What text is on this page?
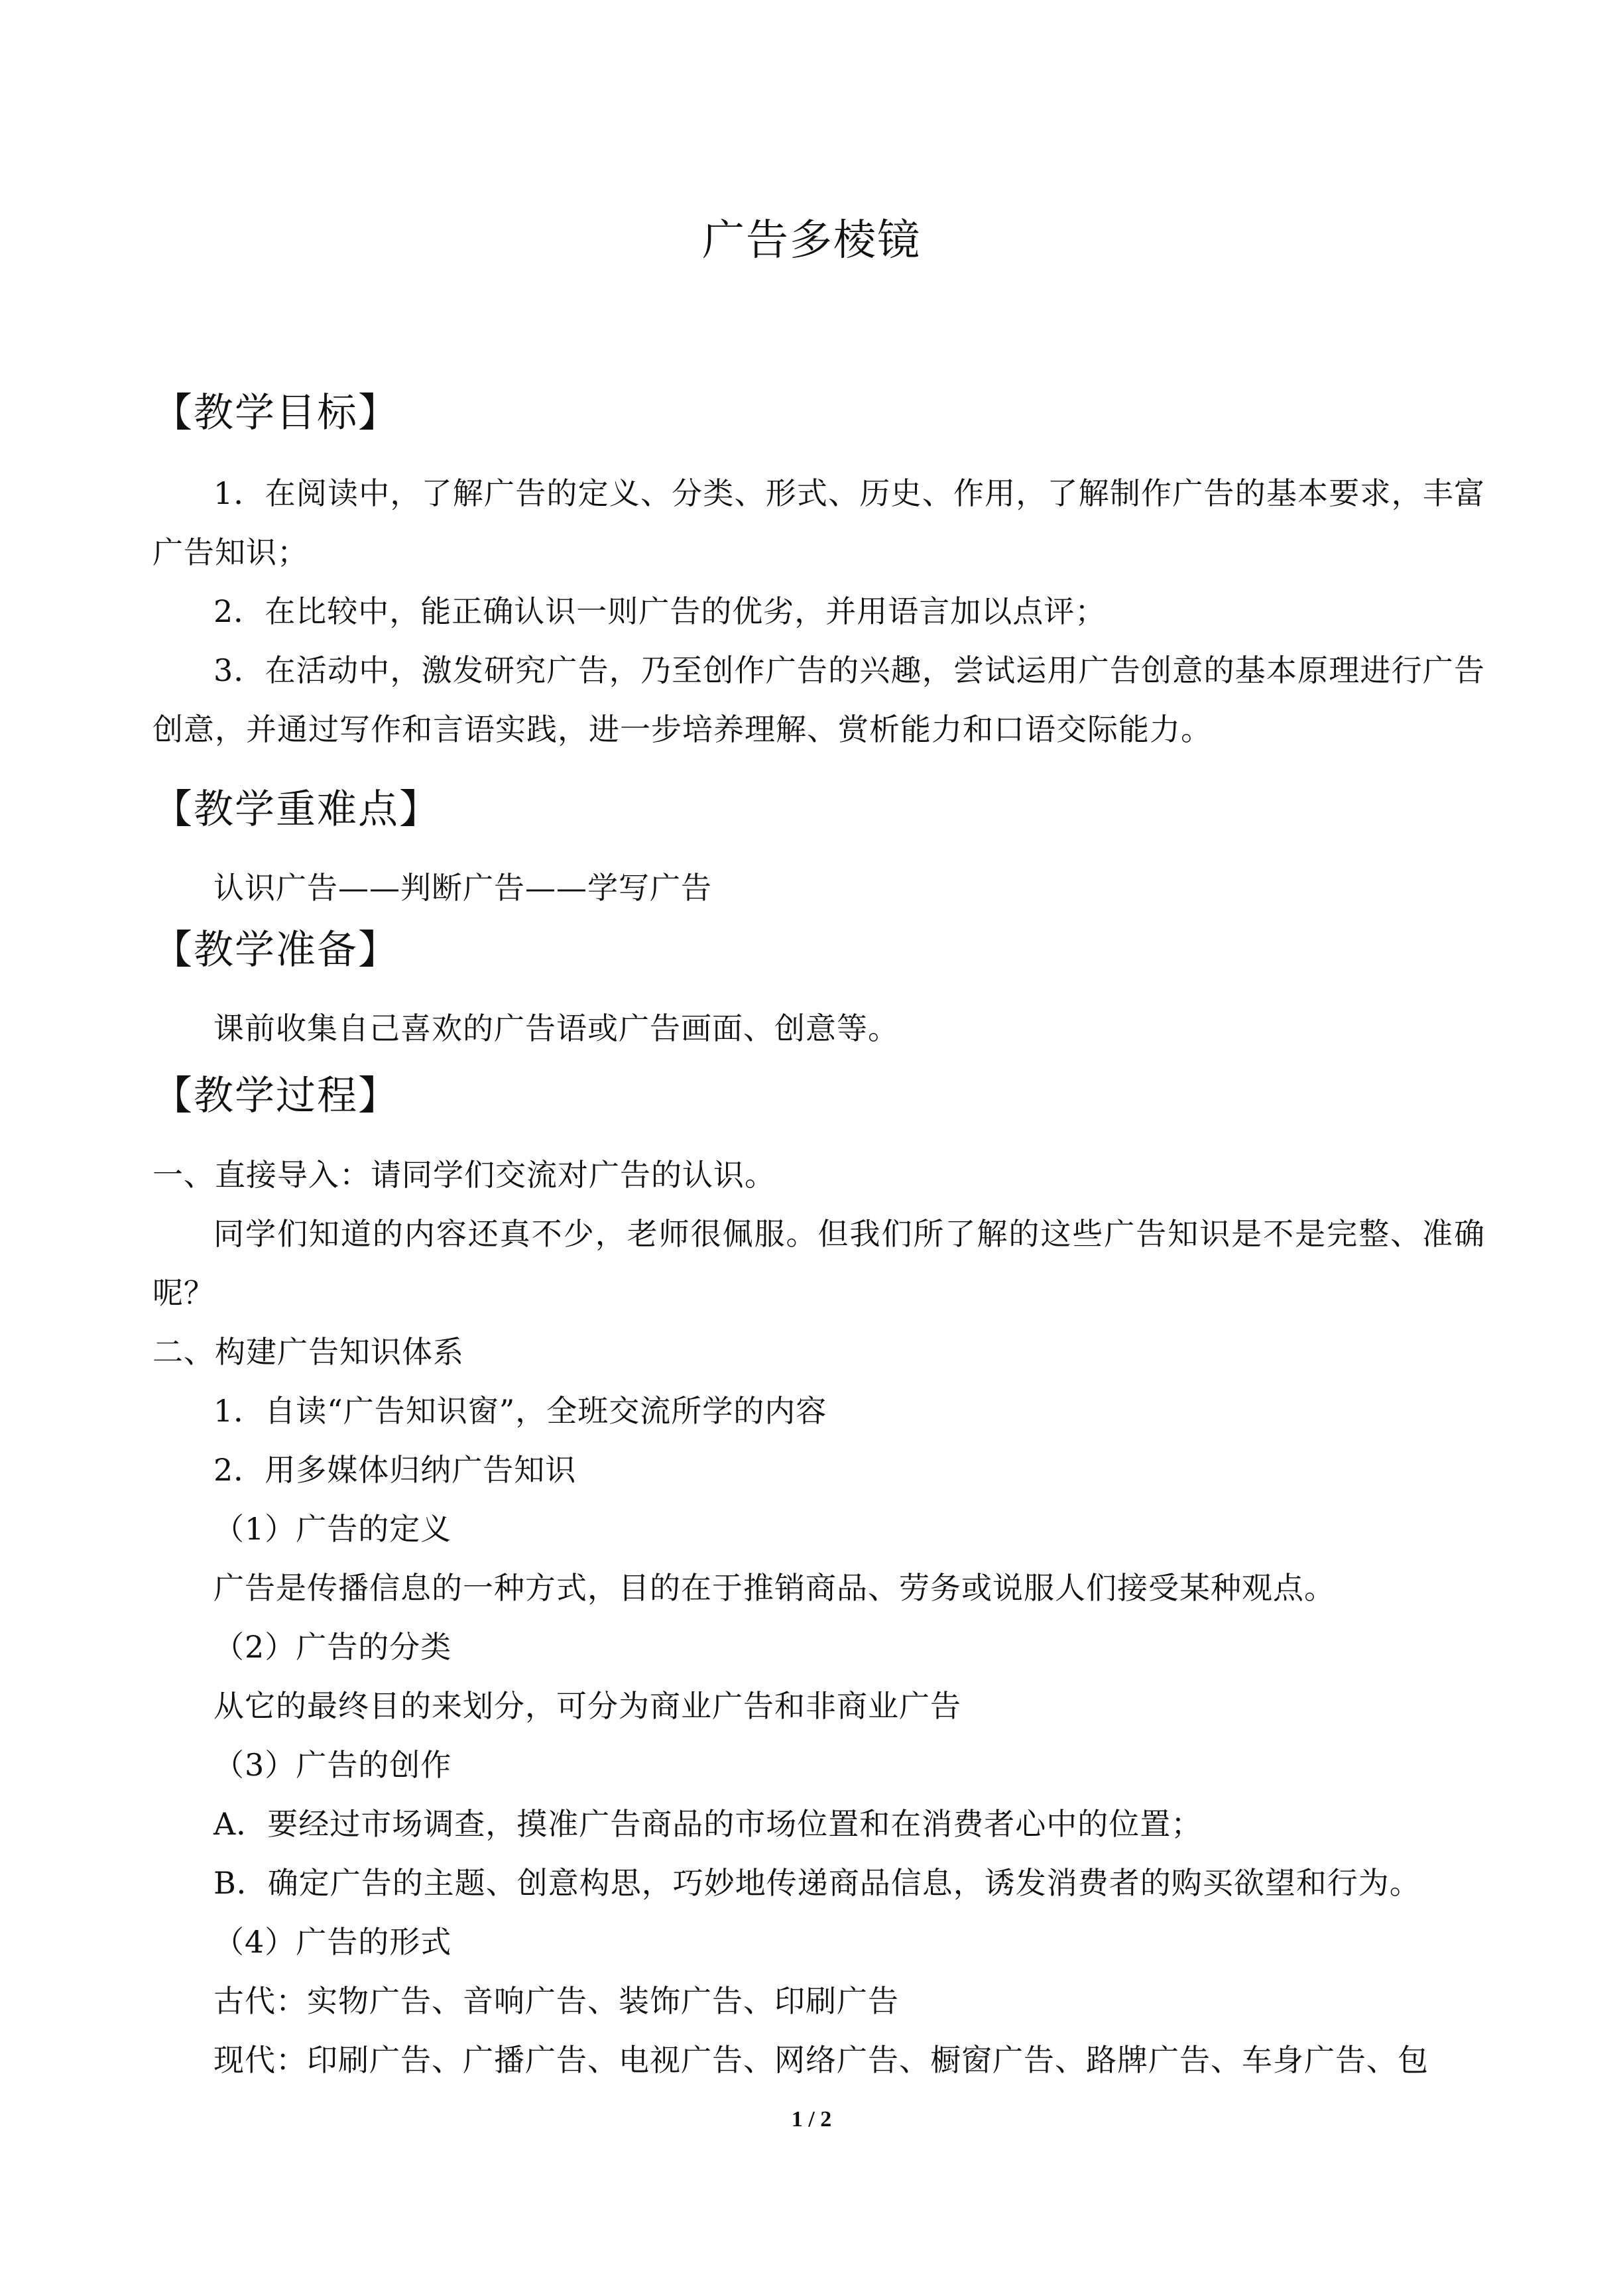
广告多棱镜
【教学目标】
1．在阅读中，了解广告的定义、分类、形式、历史、作用，了解制作广告的基本要求，丰富广告知识；
2．在比较中，能正确认识一则广告的优劣，并用语言加以点评；
3．在活动中，激发研究广告，乃至创作广告的兴趣，尝试运用广告创意的基本原理进行广告创意，并通过写作和言语实践，进一步培养理解、赏析能力和口语交际能力。
【教学重难点】
认识广告——判断广告——学写广告
【教学准备】
课前收集自己喜欢的广告语或广告画面、创意等。
【教学过程】
一、直接导入：请同学们交流对广告的认识。
同学们知道的内容还真不少，老师很佩服。但我们所了解的这些广告知识是不是完整、准确呢？
二、构建广告知识体系
1．自读“广告知识窗”，全班交流所学的内容
2．用多媒体归纳广告知识
（1）广告的定义
广告是传播信息的一种方式，目的在于推销商品、劳务或说服人们接受某种观点。
（2）广告的分类
从它的最终目的来划分，可分为商业广告和非商业广告
（3）广告的创作
A．要经过市场调查，摸准广告商品的市场位置和在消费者心中的位置；
B．确定广告的主题、创意构思，巧妙地传递商品信息，诱发消费者的购买欲望和行为。
（4）广告的形式
古代：实物广告、音响广告、装饰广告、印刷广告
现代：印刷广告、广播广告、电视广告、网络广告、橱窗广告、路牌广告、车身广告、包
1 / 2
